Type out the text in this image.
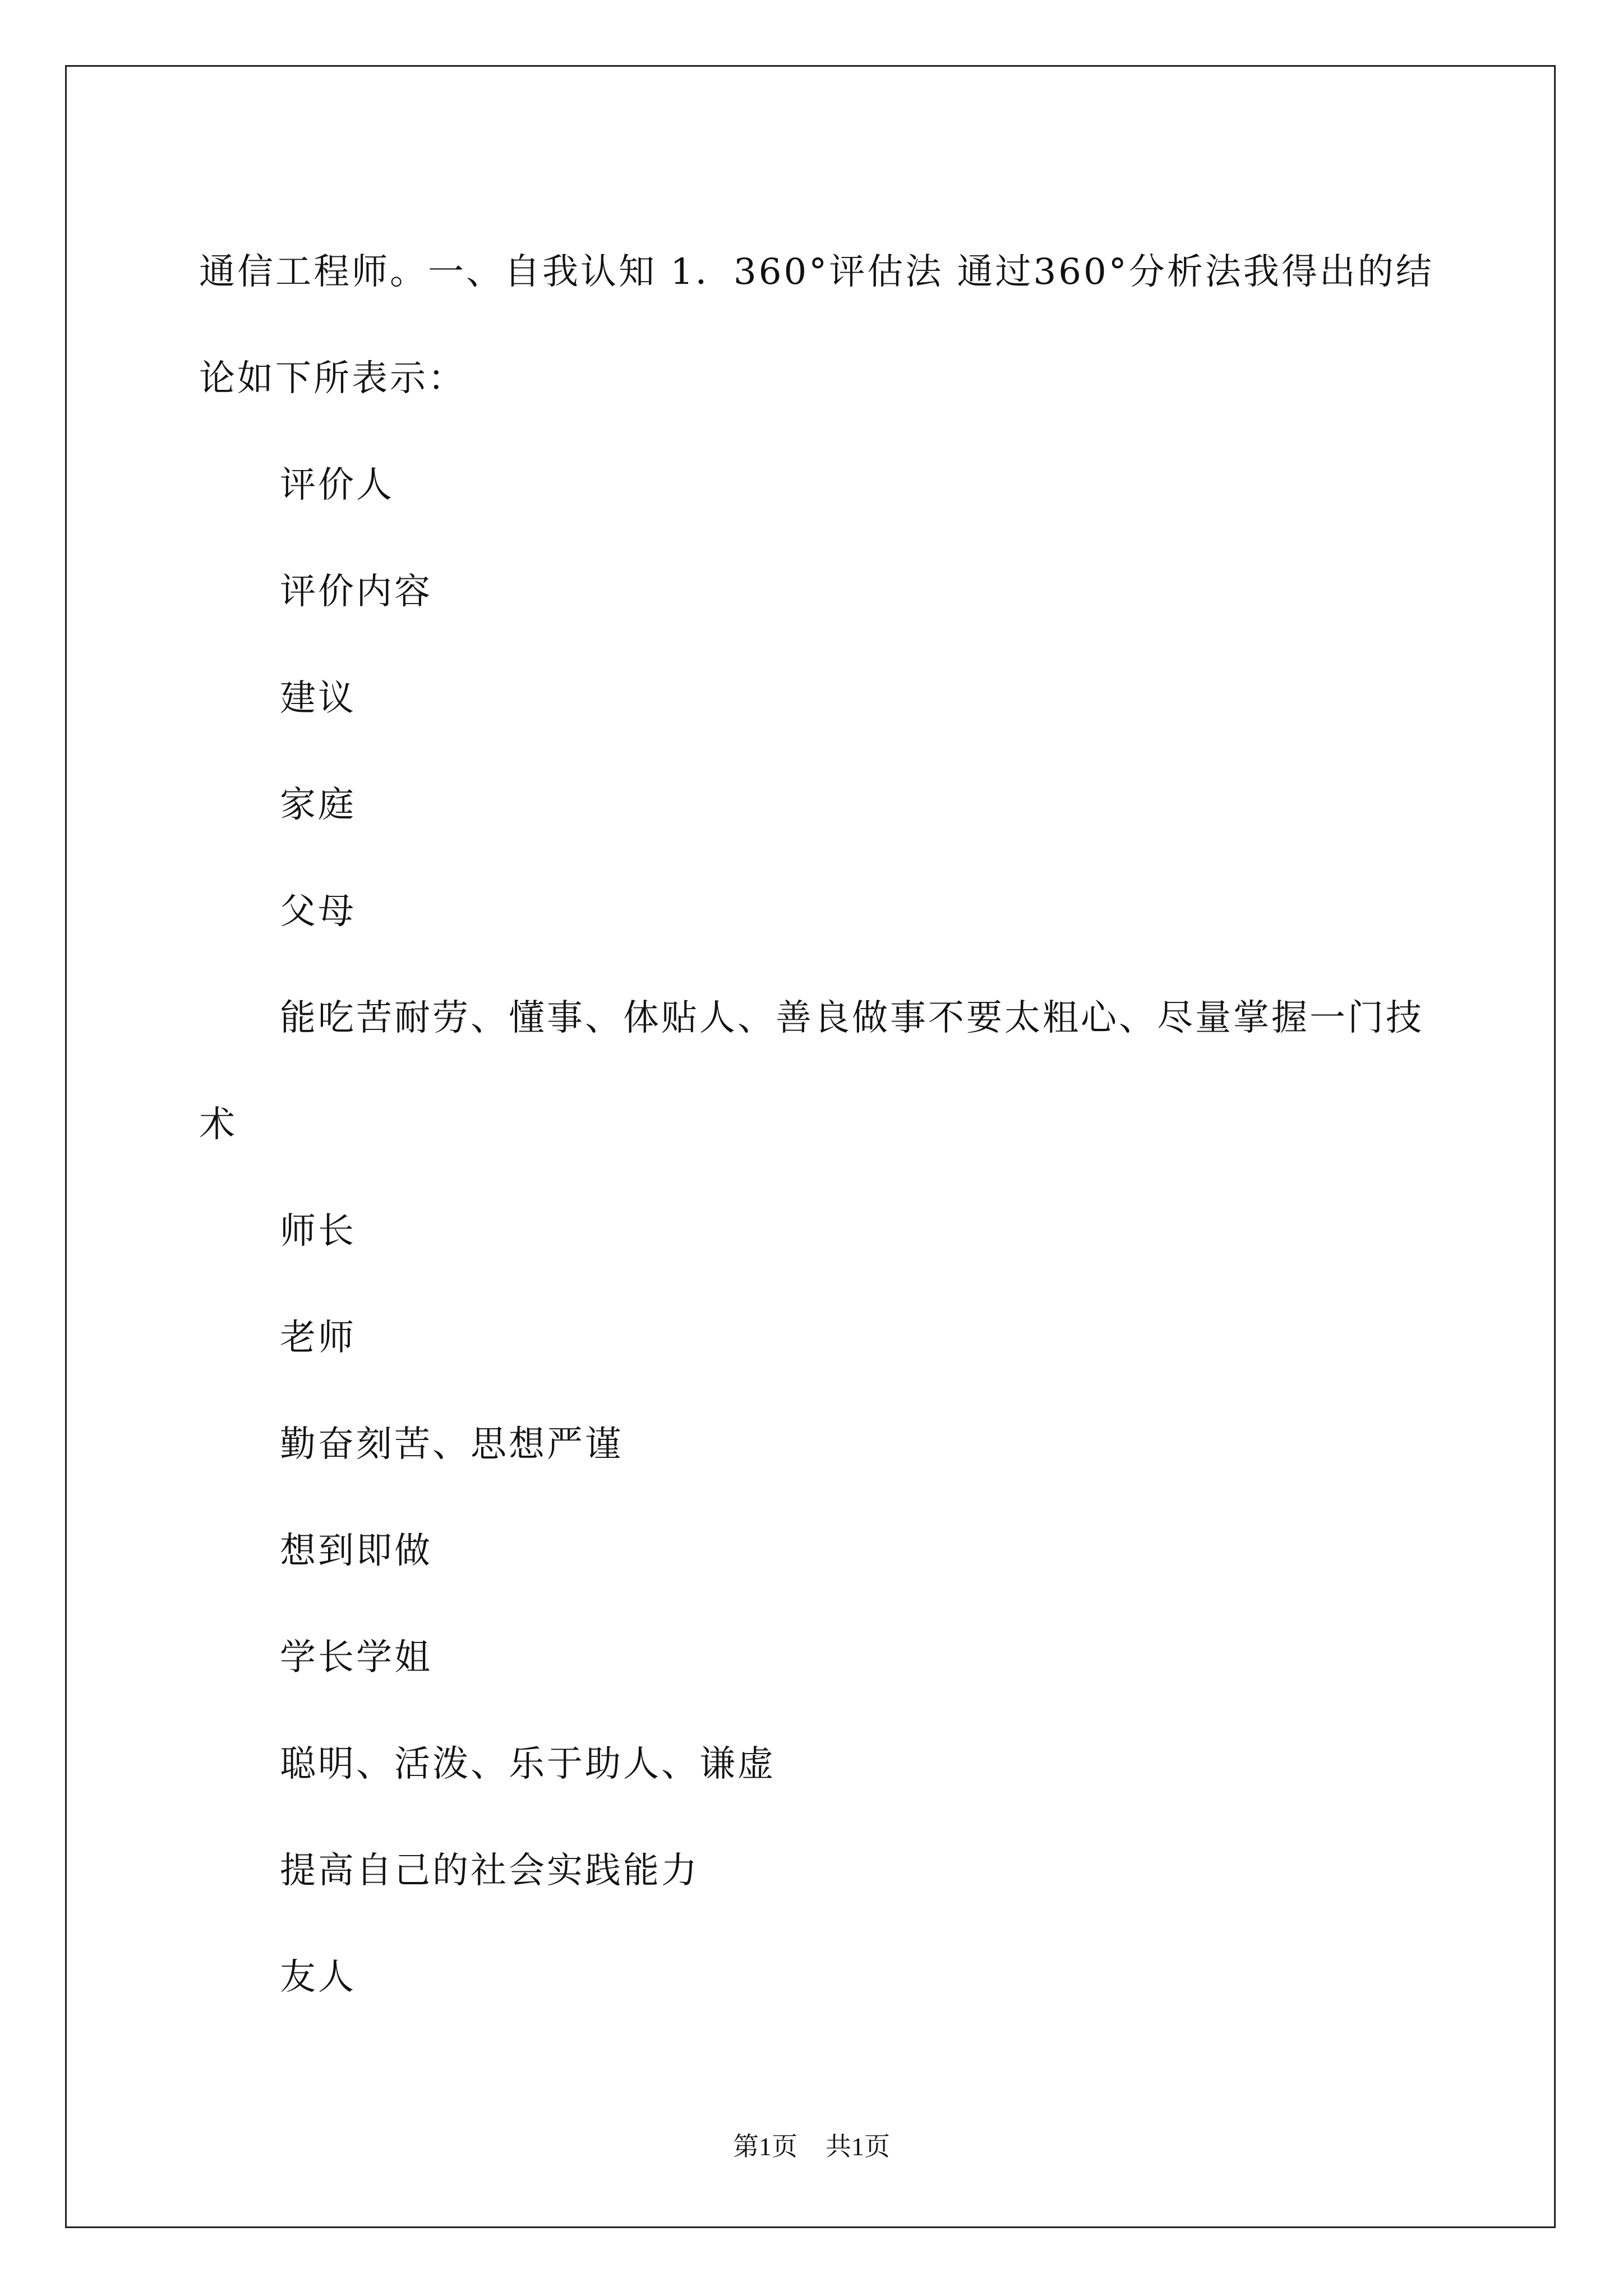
通信工程师。一、自我认知 1．360°评估法 通过360°分析法我得出的结论如下所表示：

评价人

评价内容

建议

家庭

父母

能吃苦耐劳、懂事、体贴人、善良做事不要太粗心、尽量掌握一门技术

师长

老师

勤奋刻苦、思想严谨

想到即做

学长学姐

聪明、活泼、乐于助人、谦虚

提高自己的社会实践能力

友人

第1页 共1页
